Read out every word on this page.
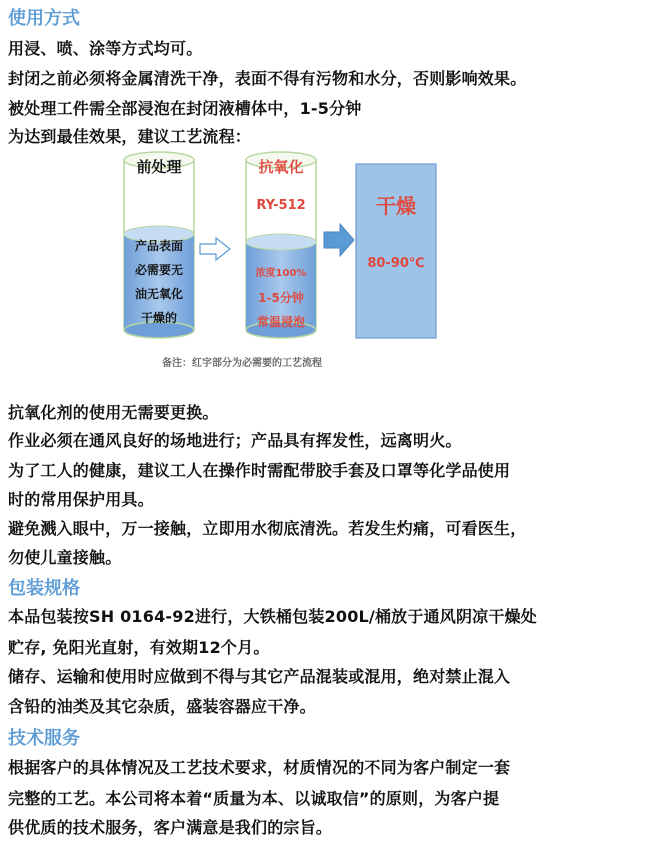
使用方式
用浸、喷、涂等方式均可。
封闭之前必须将金属清洗干净，表面不得有污物和水分，否则影响效果。
被处理工件需全部浸泡在封闭液槽体中，1-5分钟
为达到最佳效果，建议工艺流程：
前处理
产品表面
必需要无
油无氧化
干燥的
抗氧化
RY-512
浓度100%
1-5分钟
常温浸泡
干燥
80-90℃
备注：红字部分为必需要的工艺流程
抗氧化剂的使用无需要更换。
作业必须在通风良好的场地进行；产品具有挥发性，远离明火。
为了工人的健康，建议工人在操作时需配带胶手套及口罩等化学品使用
时的常用保护用具。
避免溅入眼中，万一接触，立即用水彻底清洗。若发生灼痛，可看医生，
勿使儿童接触。
包装规格
本品包装按SH 0164-92进行，大铁桶包装200L/桶放于通风阴凉干燥处
贮存, 免阳光直射，有效期12个月。
储存、运输和使用时应做到不得与其它产品混装或混用，绝对禁止混入
含铅的油类及其它杂质，盛装容器应干净。
技术服务
根据客户的具体情况及工艺技术要求，材质情况的不同为客户制定一套
完整的工艺。本公司将本着“质量为本、以诚取信”的原则，为客户提
供优质的技术服务，客户满意是我们的宗旨。
